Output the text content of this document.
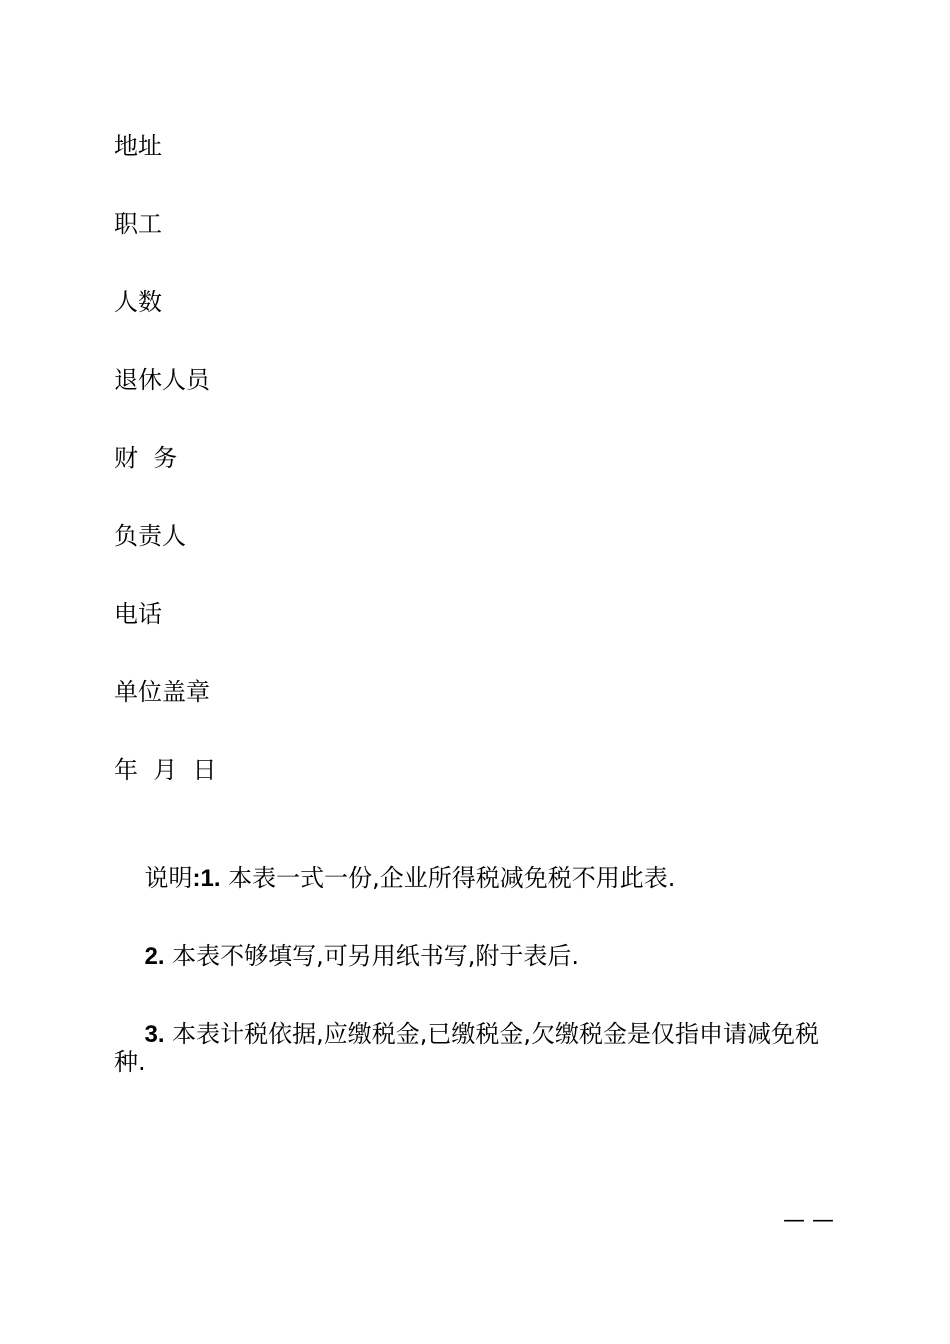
地址
职工
人数
退休人员
财  务
负责人
电话
单位盖章
年  月  日

说明:1. 本表一式一份,企业所得税减免税不用此表.

2. 本表不够填写,可另用纸书写,附于表后.

3. 本表计税依据,应缴税金,已缴税金,欠缴税金是仅指申请减免税

种.
— —
